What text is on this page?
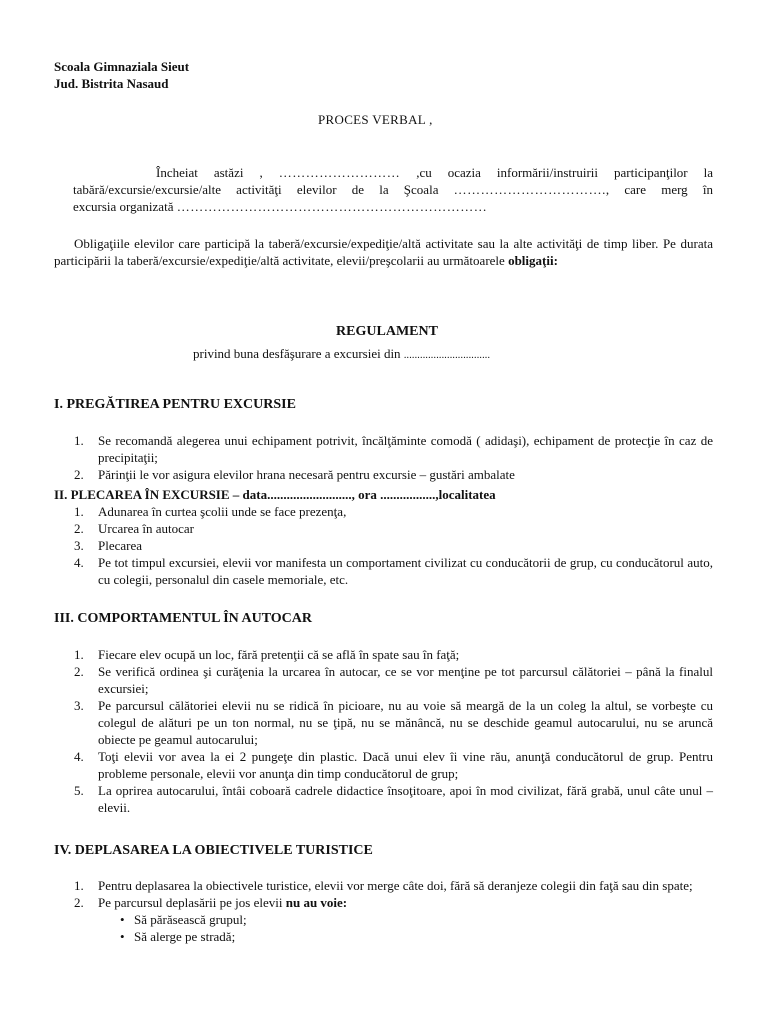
Scoala Gimnaziala Sieut
Jud. Bistrita Nasaud
PROCES VERBAL ,
Încheiat astăzi , ……………………… ,cu ocazia informării/instruirii participanţilor la
tabără/excursie/excursie/alte activităţi elevilor de la Şcoala ……………………………., care merg în
excursia organizată ……………………………………………………………
Obligaţiile elevilor care participă la taberă/excursie/expediţie/altă activitate sau la alte activităţi de timp liber. Pe durata participării la taberă/excursie/expediţie/altă activitate, elevii/preşcolarii au următoarele obligaţii:
REGULAMENT
privind buna desfăşurare a excursiei din ................................
I. PREGĂTIREA PENTRU EXCURSIE
1. Se recomandă alegerea unui echipament potrivit, încălţăminte comodă ( adidaşi), echipament de protecţie în caz de precipitaţii;
2. Părinţii le vor asigura elevilor hrana necesară pentru excursie – gustări ambalate
II. PLECAREA ÎN EXCURSIE – data.........................., ora .................,localitatea
1. Adunarea în curtea şcolii unde se face prezenţa,
2. Urcarea în autocar
3. Plecarea
4. Pe tot timpul excursiei, elevii vor manifesta un comportament civilizat cu conducătorii de grup, cu conducătorul auto, cu colegii, personalul din casele memoriale, etc.
III. COMPORTAMENTUL ÎN AUTOCAR
1. Fiecare elev ocupă un loc, fără pretenţii că se află în spate sau în faţă;
2. Se verifică ordinea şi curăţenia la urcarea în autocar, ce se vor menţine pe tot parcursul călătoriei – până la finalul excursiei;
3. Pe parcursul călătoriei elevii nu se ridică în picioare, nu au voie să meargă de la un coleg la altul, se vorbeşte cu colegul de alături pe un ton normal, nu se ţipă, nu se mănâncă, nu se deschide geamul autocarului, nu se aruncă obiecte pe geamul autocarului;
4. Toţi elevii vor avea la ei 2 pungeţe din plastic. Dacă unui elev îi vine rău, anunţă conducătorul de grup. Pentru probleme personale, elevii vor anunţa din timp conducătorul de grup;
5. La oprirea autocarului, întâi coboară cadrele didactice însoţitoare, apoi în mod civilizat, fără grabă, unul câte unul – elevii.
IV. DEPLASAREA LA OBIECTIVELE TURISTICE
1. Pentru deplasarea la obiectivele turistice, elevii vor merge câte doi, fără să deranjeze colegii din faţă sau din spate;
2. Pe parcursul deplasării pe jos elevii nu au voie:
• Să părăsească grupul;
• Să alerge pe stradă;
